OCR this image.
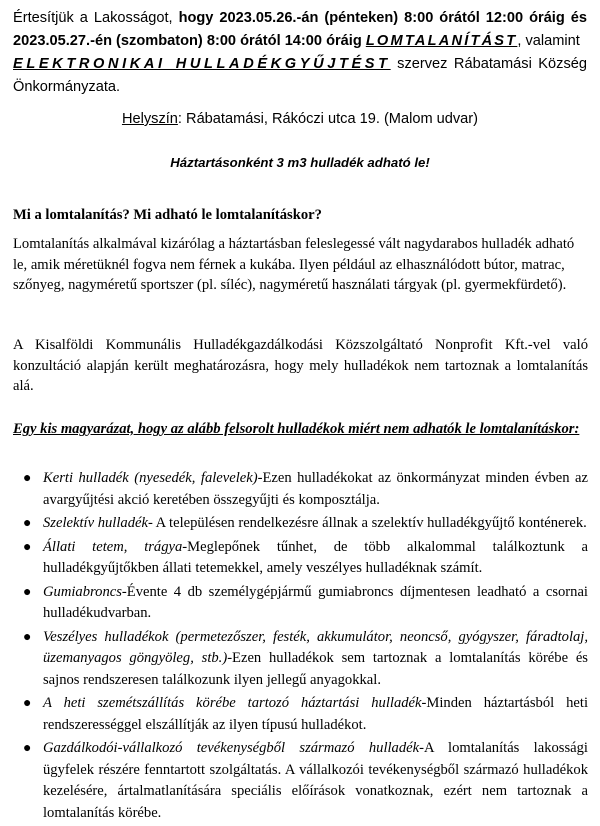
Értesítjük a Lakosságot, hogy 2023.05.26.-án (pénteken) 8:00 órától 12:00 óráig és 2023.05.27.-én (szombaton) 8:00 órától 14:00 óráig LOMTALANÍTÁST, valamint
ELEKTRONIKAI HULLADÉKGYŰJTÉST szervez Rábatamási Község Önkormányzata.
Helyszín: Rábatamási, Rákóczi utca 19. (Malom udvar)
Háztartásonként 3 m3 hulladék adható le!
Mi a lomtalanítás? Mi adható le lomtalanításkor?
Lomtalanítás alkalmával kizárólag a háztartásban feleslegessé vált nagydarabos hulladék adható le, amik méretüknél fogva nem férnek a kukába. Ilyen például az elhasználódott bútor, matrac, szőnyeg, nagyméretű sportszer (pl. síléc), nagyméretű használati tárgyak (pl. gyermekfürdető).
A Kisalföldi Kommunális Hulladékgazdálkodási Közszolgáltató Nonprofit Kft.-vel való konzultáció alapján került meghatározásra, hogy mely hulladékok nem tartoznak a lomtalanítás alá.
Egy kis magyarázat, hogy az alább felsorolt hulladékok miért nem adhatók le lomtalanításkor:
● Kerti hulladék (nyesedék, falevelek)-Ezen hulladékokat az önkormányzat minden évben az avargyűjtési akció keretében összegyűjti és komposztálja.
● Szelektív hulladék- A településen rendelkezésre állnak a szelektív hulladékgyűjtő konténerek.
● Állati tetem, trágya-Meglepőnek tűnhet, de több alkalommal találkoztunk a hulladékgyűjtőkben állati tetemekkel, amely veszélyes hulladéknak számít.
● Gumiabroncs-Évente 4 db személygépjármű gumiabroncs díjmentesen leadható a csornai hulladékudvarban.
● Veszélyes hulladékok (permetezőszer, festék, akkumulátor, neoncső, gyógyszer, fáradtolaj, üzemanyagos göngyöleg, stb.)-Ezen hulladékok sem tartoznak a lomtalanítás körébe és sajnos rendszeresen találkozunk ilyen jellegű anyagokkal.
● A heti szemétszállítás körébe tartozó háztartási hulladék-Minden háztartásból heti rendszerességgel elszállítják az ilyen típusú hulladékot.
● Gazdálkodói-vállalkozó tevékenységből származó hulladék-A lomtalanítás lakossági ügyfelek részére fenntartott szolgáltatás. A vállalkozói tevékenységből származó hulladékok kezelésére, ártalmatlanítására speciális előírások vonatkoznak, ezért nem tartoznak a lomtalanítás körébe.
